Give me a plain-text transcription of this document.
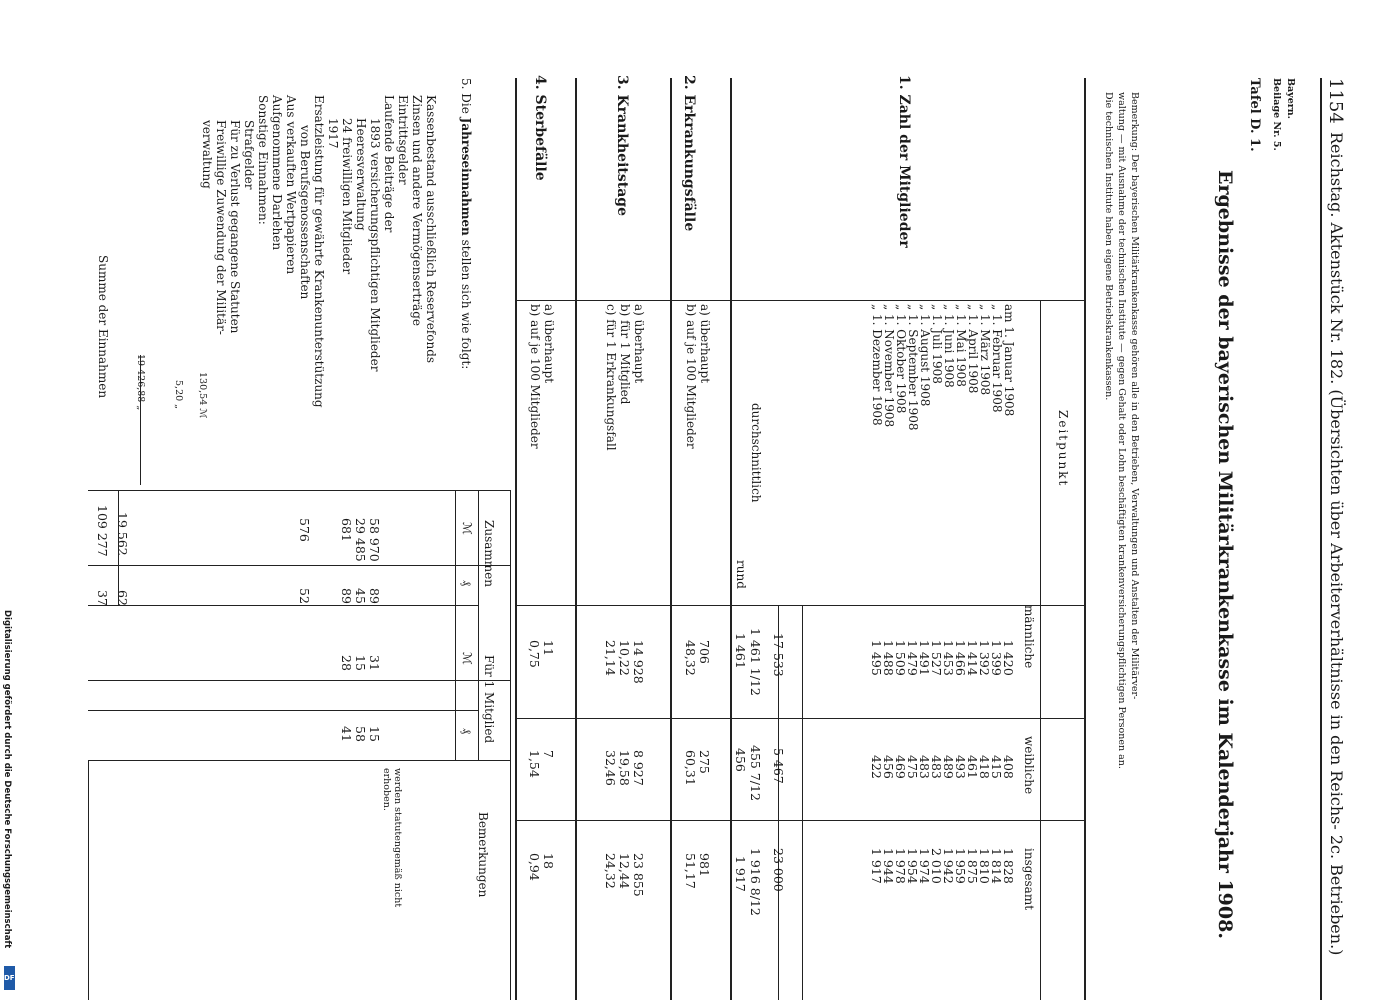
männliche
weibliche
insgesamt
am 1. Januar 1908
1 420
408
1 828
„ 1. Februar 1908
1 399
415
1 814
„ 1. März 1908
1 392
418
1 810
„ 1. April 1908
1 414
461
1 875
„ 1. Mai 1908
1 466
493
1 959
„ 1. Juni 1908
1 453
489
1 942
„ 1. Juli 1908
1 527
483
2 010
„ 1. August 1908
1 491
483
1 974
„ 1. September 1908
1 479
475
1 954
„ 1. Oktober 1908
1 509
469
1 978
„ 1. November 1908
1 488
456
1 944
„ 1. Dezember 1908
1 495
422
1 917
17 533
5 467
23 000
durchschnittlich
1 461 1/12
455 7/12
1 916 8/12
rund
1 461
456
1 917
1. Zahl der Mitglieder
2. Erkrankungsfälle
3. Krankheitstage
4. Sterbefälle
a) überhaupt
706
275
981
b) auf je 100 Mitglieder
48,32
60,31
51,17
a) überhaupt
14 928
8 927
23 855
b) für 1 Mitglied
10,22
19,58
12,44
c) für 1 Erkrankungsfall
21,14
32,46
24,32
a) überhaupt
11
7
18
b) auf je 100 Mitglieder
0,75
1,54
0,94
5. Die Jahreseinnahmen stellen sich wie folgt:
Zusammen
Für 1 Mitglied
ℳ
₰
ℳ
₰
Bemerkungen
Kassenbestand ausschließlich Reservefonds
Zinsen und andere Vermögenserträge
Eintrittsgelder
Laufende Beiträge der
1893 versicherungspflichtigen Mitglieder
58 970
89
31
15
Heeresverwaltung
29 485
45
15
58
24 freiwilligen Mitglieder
681
89
28
41
1917
Ersatzleistung für gewährte Krankenunterstützung
von Berufsgenossenschaften
576
52
Aus verkauften Wertpapieren
Aufgenommene Darlehen
Sonstige Einnahmen:
Strafgelder
Für zu Verlust gegangene Statuten
Freiwillige Zuwendung der Militär-
verwaltung
130,54 ℳ
5,20 „
19 426,88 „
19 562
62
Summe der Einnahmen
109 277
37
werden statutengemäß nicht erhoben.
Digitalisierung gefördert durch die Deutsche Forschungsgemeinschaft
DFG
1154
Reichstag. Aktenstück Nr. 182. (Übersichten über Arbeiterverhältnisse in den Reichs- 2c. Betrieben.)
Bayern.
Beilage Nr. 5.
Tafel D. 1.
Ergebnisse der bayerischen Militärkrankenkasse im Kalenderjahr 1908.
Bemerkung: Der bayerischen Militärkrankenkasse gehören alle in den Betrieben, Verwaltungen und Anstalten der Militärver-
waltung — mit Ausnahme der technischen Institute — gegen Gehalt oder Lohn beschäftigten krankenversicherungspflichtigen Personen an.
Die technischen Institute haben eigene Betriebskrankenkassen.
Zeitpunkt
